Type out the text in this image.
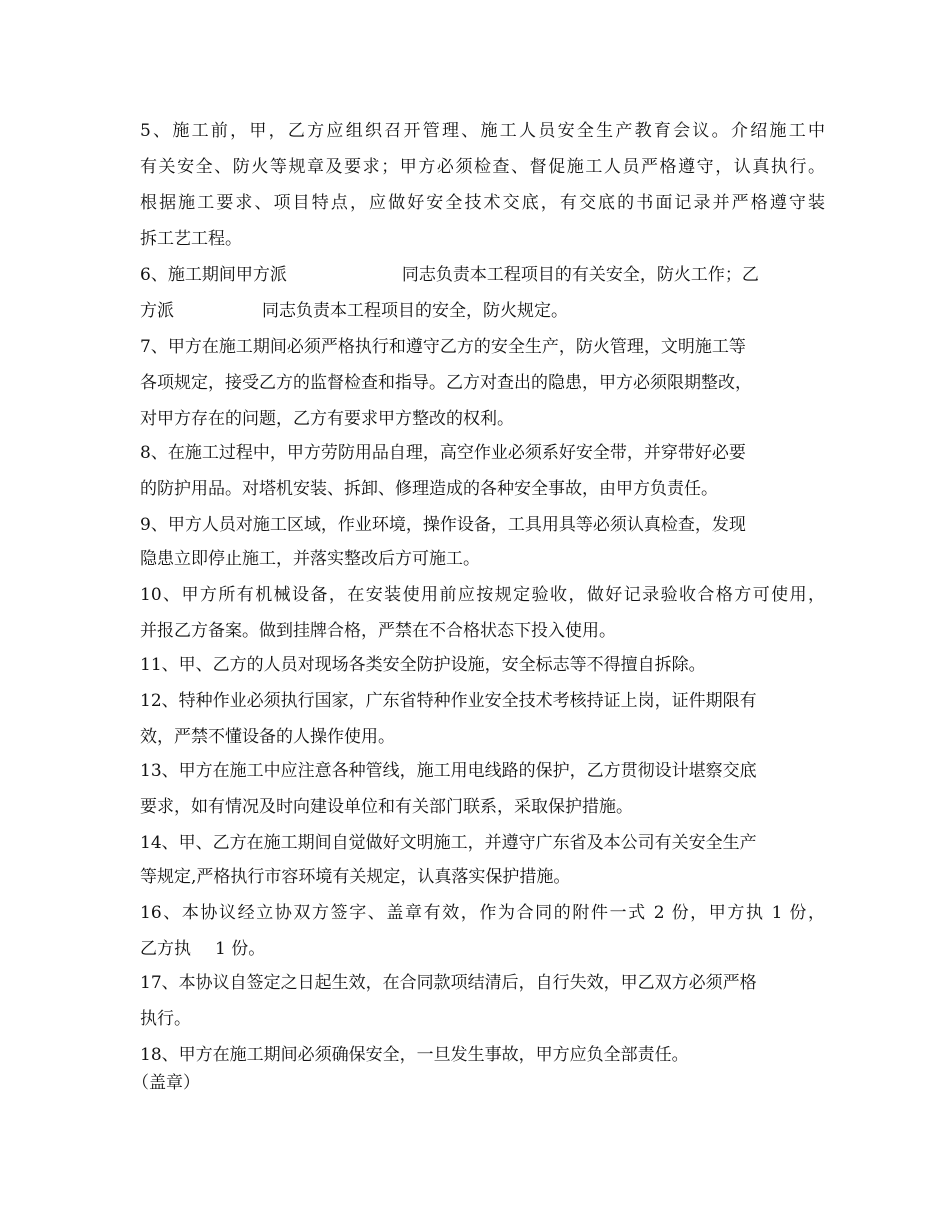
5、施工前，甲，乙方应组织召开管理、施工人员安全生产教育会议。介绍施工中
有关安全、防火等规章及要求；甲方必须检查、督促施工人员严格遵守，认真执行。
根据施工要求、项目特点，应做好安全技术交底，有交底的书面记录并严格遵守装
拆工艺工程。
6、施工期间甲方派	同志负责本工程项目的有关安全，防火工作；乙
方派	同志负责本工程项目的安全，防火规定。
7、甲方在施工期间必须严格执行和遵守乙方的安全生产，防火管理，文明施工等
各项规定，接受乙方的监督检查和指导。乙方对查出的隐患，甲方必须限期整改，
对甲方存在的问题，乙方有要求甲方整改的权利。
8、在施工过程中，甲方劳防用品自理，高空作业必须系好安全带，并穿带好必要
的防护用品。对塔机安装、拆卸、修理造成的各种安全事故，由甲方负责任。
9、甲方人员对施工区域，作业环境，操作设备，工具用具等必须认真检查，发现
隐患立即停止施工，并落实整改后方可施工。
10、甲方所有机械设备，在安装使用前应按规定验收，做好记录验收合格方可使用，
并报乙方备案。做到挂牌合格，严禁在不合格状态下投入使用。
11、甲、乙方的人员对现场各类安全防护设施，安全标志等不得擅自拆除。
12、特种作业必须执行国家，广东省特种作业安全技术考核持证上岗，证件期限有
效，严禁不懂设备的人操作使用。
13、甲方在施工中应注意各种管线，施工用电线路的保护，乙方贯彻设计堪察交底
要求，如有情况及时向建设单位和有关部门联系，采取保护措施。
14、甲、乙方在施工期间自觉做好文明施工，并遵守广东省及本公司有关安全生产
等规定,严格执行市容环境有关规定，认真落实保护措施。
16、本协议经立协双方签字、盖章有效，作为合同的附件一式 2 份，甲方执 1 份，
乙方执 1 份。
17、本协议自签定之日起生效，在合同款项结清后，自行失效，甲乙双方必须严格
执行。
18、甲方在施工期间必须确保安全，一旦发生事故，甲方应负全部责任。
（盖章）
